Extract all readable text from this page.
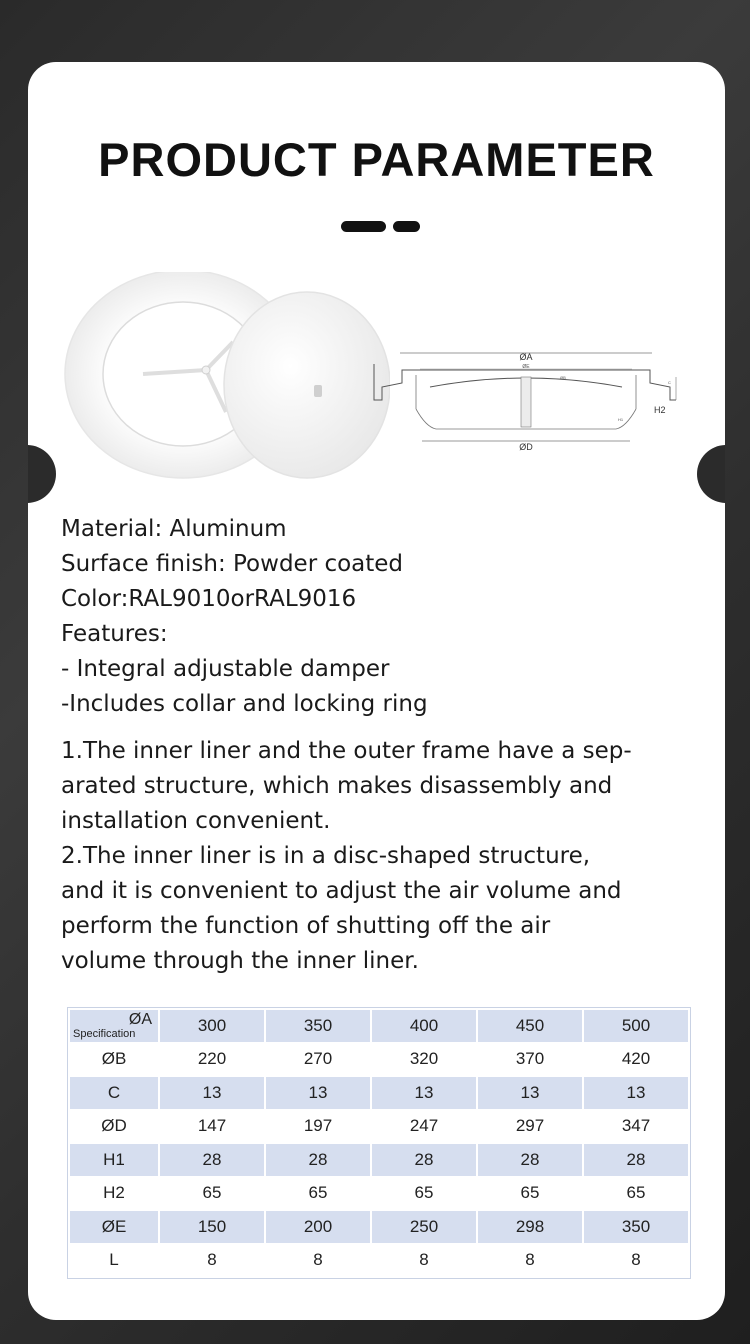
PRODUCT PARAMETER
ØA
ØE
ØB
ØD
C
H2
H1
Material: Aluminum
Surface finish: Powder coated
Color:RAL9010orRAL9016
Features:
- Integral adjustable damper
-Includes collar and locking ring
1.The inner liner and the outer frame have a sep-
arated structure, which makes disassembly and
installation convenient.
2.The inner liner is in a disc-shaped structure,
and it is convenient to adjust the air volume and
perform the function of shutting off the air
volume through the inner liner.
ØA
Specification	300	350	400	450	500
ØB	220	270	320	370	420
C	13	13	13	13	13
ØD	147	197	247	297	347
H1	28	28	28	28	28
H2	65	65	65	65	65
ØE	150	200	250	298	350
L	8	8	8	8	8
